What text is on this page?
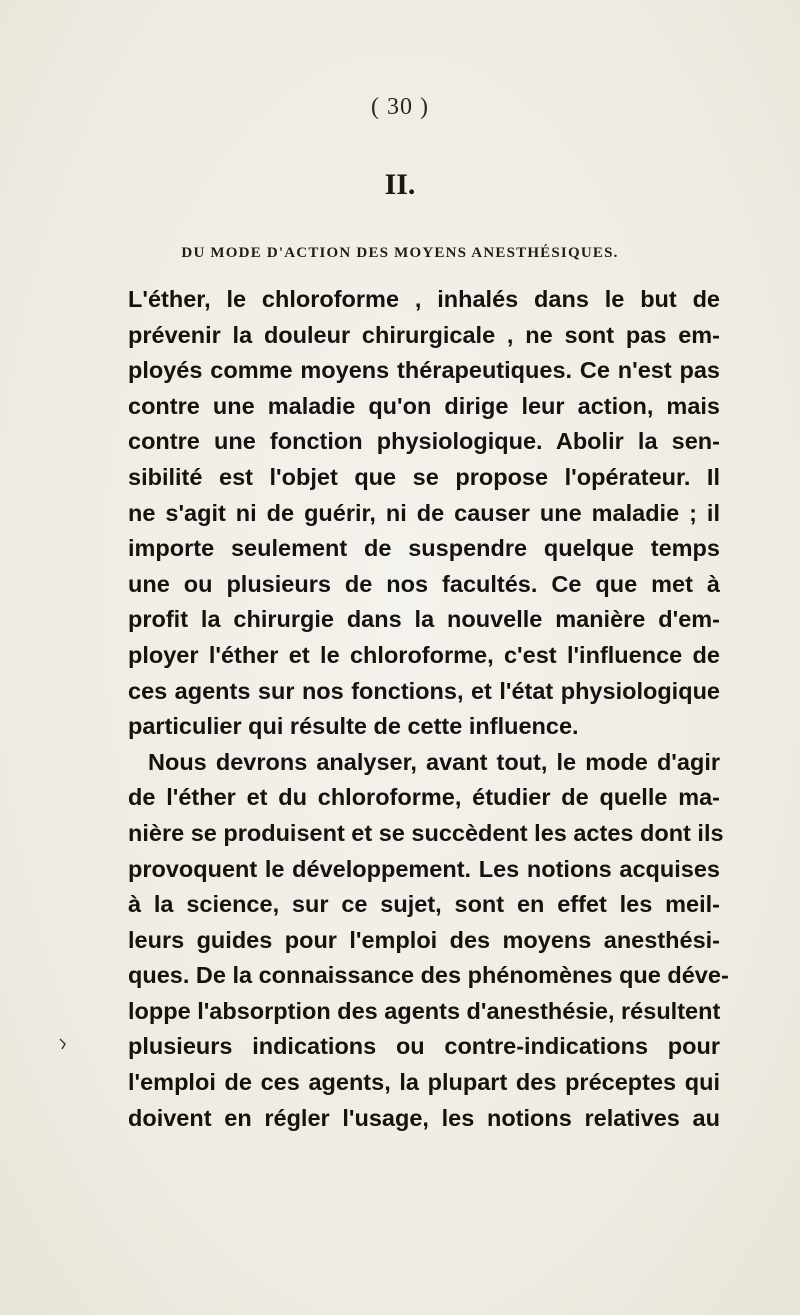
( 30 )
II.
DU MODE D'ACTION DES MOYENS ANESTHÉSIQUES.
L'éther, le chloroforme , inhalés dans le but de
prévenir la douleur chirurgicale , ne sont pas em-
ployés comme moyens thérapeutiques. Ce n'est pas
contre une maladie qu'on dirige leur action, mais
contre une fonction physiologique. Abolir la sen-
sibilité est l'objet que se propose l'opérateur. Il
ne s'agit ni de guérir, ni de causer une maladie ; il
importe seulement de suspendre quelque temps
une ou plusieurs de nos facultés. Ce que met à
profit la chirurgie dans la nouvelle manière d'em-
ployer l'éther et le chloroforme, c'est l'influence de
ces agents sur nos fonctions, et l'état physiologique
particulier qui résulte de cette influence.
Nous devrons analyser, avant tout, le mode d'agir
de l'éther et du chloroforme, étudier de quelle ma-
nière se produisent et se succèdent les actes dont ils
provoquent le développement. Les notions acquises
à la science, sur ce sujet, sont en effet les meil-
leurs guides pour l'emploi des moyens anesthési-
ques. De la connaissance des phénomènes que déve-
loppe l'absorption des agents d'anesthésie, résultent
plusieurs indications ou contre-indications pour
l'emploi de ces agents, la plupart des préceptes qui
doivent en régler l'usage, les notions relatives au
